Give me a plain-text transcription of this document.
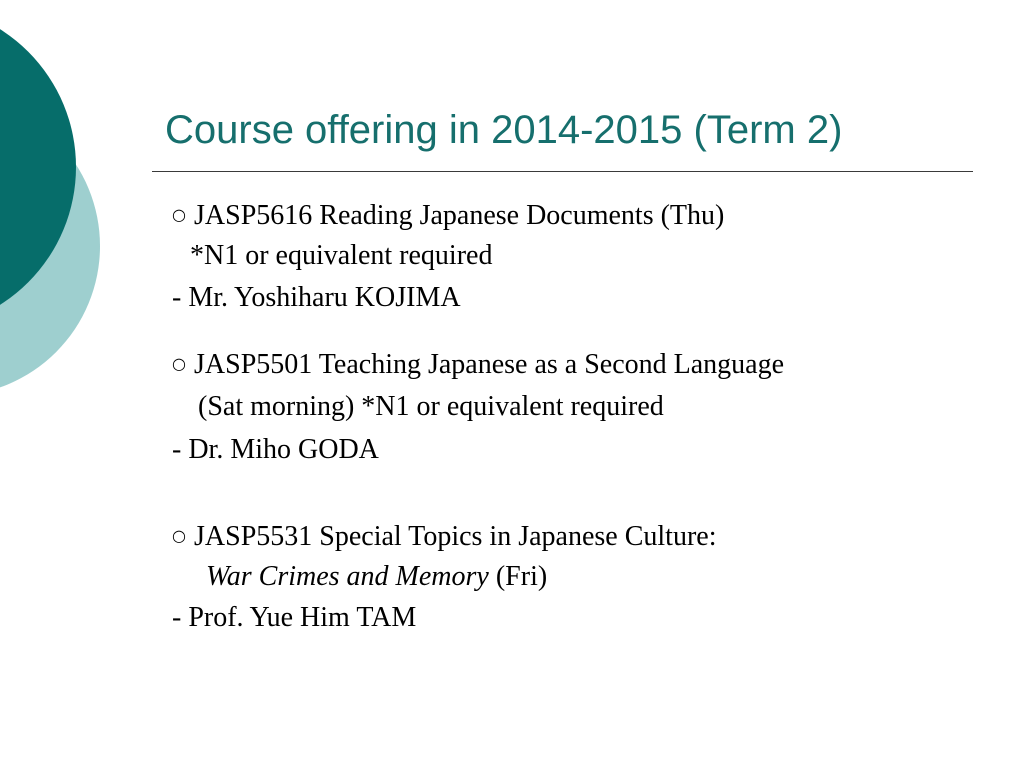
Course offering in 2014-2015 (Term 2)
○ JASP5616 Reading Japanese Documents (Thu)
*N1 or equivalent required
- Mr. Yoshiharu KOJIMA
○ JASP5501 Teaching Japanese as a Second Language
(Sat morning) *N1 or equivalent required
- Dr. Miho GODA
○ JASP5531 Special Topics in Japanese Culture:
War Crimes and Memory (Fri)
- Prof. Yue Him TAM
